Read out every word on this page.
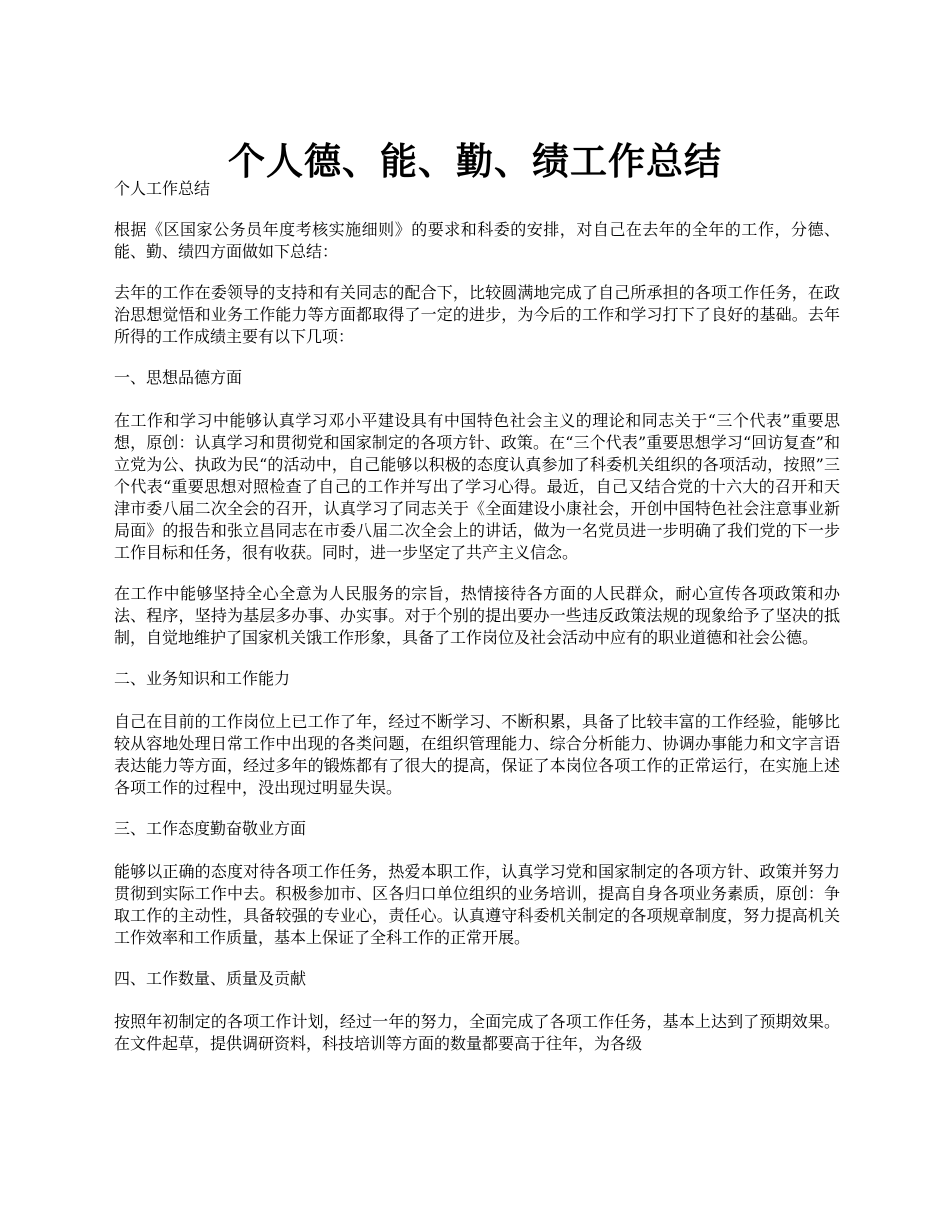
个人德、能、勤、绩工作总结

个人工作总结

根据《区国家公务员年度考核实施细则》的要求和科委的安排，对自己在去年的全年的工作，分德、能、勤、绩四方面做如下总结：

去年的工作在委领导的支持和有关同志的配合下，比较圆满地完成了自己所承担的各项工作任务，在政治思想觉悟和业务工作能力等方面都取得了一定的进步，为今后的工作和学习打下了良好的基础。去年所得的工作成绩主要有以下几项：

一、思想品德方面

在工作和学习中能够认真学习邓小平建设具有中国特色社会主义的理论和同志关于“三个代表”重要思想，原创：认真学习和贯彻党和国家制定的各项方针、政策。在“三个代表”重要思想学习“回访复查”和立党为公、执政为民“的活动中，自己能够以积极的态度认真参加了科委机关组织的各项活动，按照”三个代表“重要思想对照检查了自己的工作并写出了学习心得。最近，自己又结合党的十六大的召开和天津市委八届二次全会的召开，认真学习了同志关于《全面建设小康社会，开创中国特色社会注意事业新局面》的报告和张立昌同志在市委八届二次全会上的讲话，做为一名党员进一步明确了我们党的下一步工作目标和任务，很有收获。同时，进一步坚定了共产主义信念。

在工作中能够坚持全心全意为人民服务的宗旨，热情接待各方面的人民群众，耐心宣传各项政策和办法、程序，坚持为基层多办事、办实事。对于个别的提出要办一些违反政策法规的现象给予了坚决的抵制，自觉地维护了国家机关饿工作形象，具备了工作岗位及社会活动中应有的职业道德和社会公德。

二、业务知识和工作能力

自己在目前的工作岗位上已工作了年，经过不断学习、不断积累，具备了比较丰富的工作经验，能够比较从容地处理日常工作中出现的各类问题，在组织管理能力、综合分析能力、协调办事能力和文字言语表达能力等方面，经过多年的锻炼都有了很大的提高，保证了本岗位各项工作的正常运行，在实施上述各项工作的过程中，没出现过明显失误。

三、工作态度勤奋敬业方面

能够以正确的态度对待各项工作任务，热爱本职工作，认真学习党和国家制定的各项方针、政策并努力贯彻到实际工作中去。积极参加市、区各归口单位组织的业务培训，提高自身各项业务素质，原创：争取工作的主动性，具备较强的专业心，责任心。认真遵守科委机关制定的各项规章制度，努力提高机关工作效率和工作质量，基本上保证了全科工作的正常开展。

四、工作数量、质量及贡献

按照年初制定的各项工作计划，经过一年的努力，全面完成了各项工作任务，基本上达到了预期效果。在文件起草，提供调研资料，科技培训等方面的数量都要高于往年，为各级
